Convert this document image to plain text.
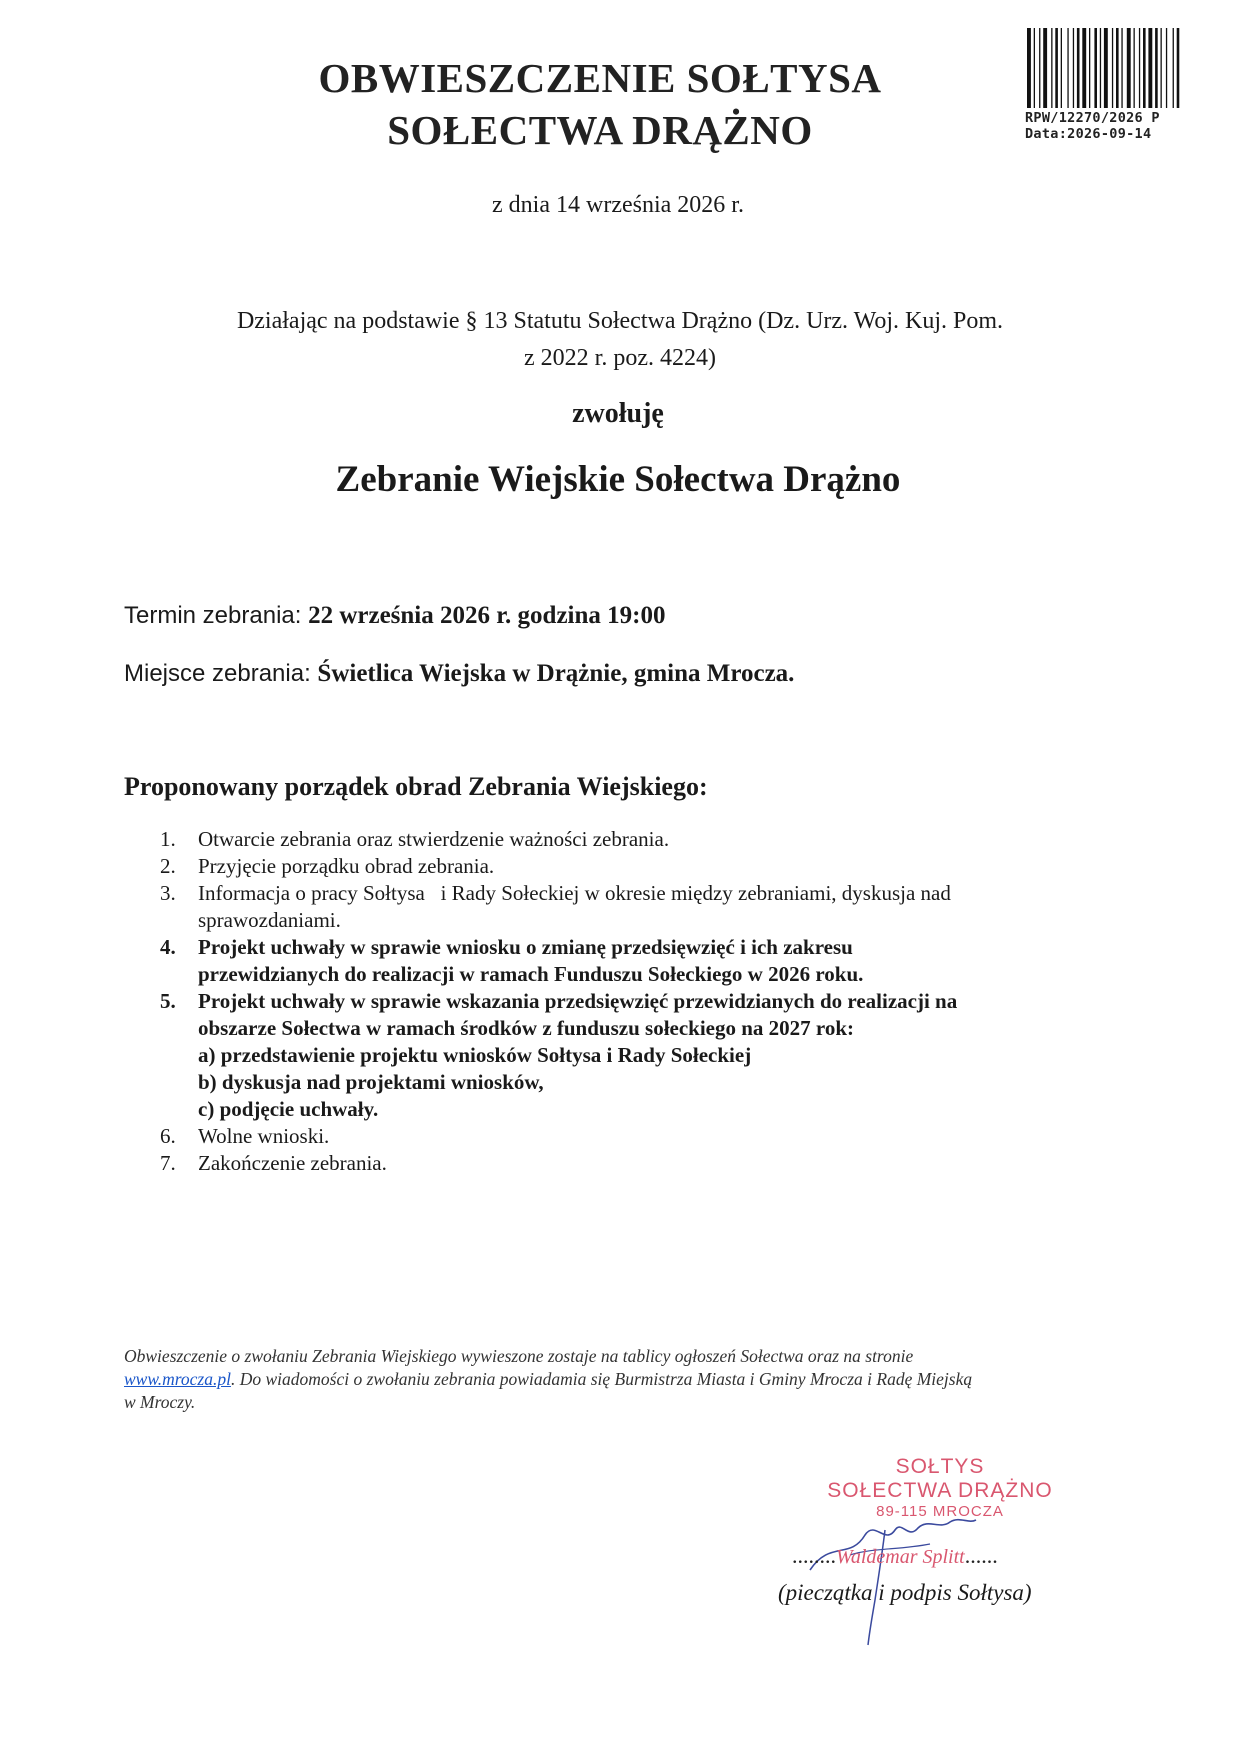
OBWIESZCZENIE SOŁTYSA
SOŁECTWA DRĄŻNO	RPW/12270/2026 P
Data:2026-09-14
z dnia 14 września 2026 r.
Działając na podstawie § 13 Statutu Sołectwa Drążno (Dz. Urz. Woj. Kuj. Pom.
z 2022 r. poz. 4224)
zwołuję
Zebranie Wiejskie Sołectwa Drążno
Termin zebrania: 22 września 2026 r. godzina 19:00
Miejsce zebrania: Świetlica Wiejska w Drążnie, gmina Mrocza.
Proponowany porządek obrad Zebrania Wiejskiego:
1. Otwarcie zebrania oraz stwierdzenie ważności zebrania.
2. Przyjęcie porządku obrad zebrania.
3. Informacja o pracy Sołtysa   i Rady Sołeckiej w okresie między zebraniami, dyskusja nad
sprawozdaniami.
4. Projekt uchwały w sprawie wniosku o zmianę przedsięwzięć i ich zakresu
przewidzianych do realizacji w ramach Funduszu Sołeckiego w 2026 roku.
5. Projekt uchwały w sprawie wskazania przedsięwzięć przewidzianych do realizacji na
obszarze Sołectwa w ramach środków z funduszu sołeckiego na 2027 rok:
a) przedstawienie projektu wniosków Sołtysa i Rady Sołeckiej
b) dyskusja nad projektami wniosków,
c) podjęcie uchwały.
6. Wolne wnioski.
7. Zakończenie zebrania.
Obwieszczenie o zwołaniu Zebrania Wiejskiego wywieszone zostaje na tablicy ogłoszeń Sołectwa oraz na stronie
www.mrocza.pl. Do wiadomości o zwołaniu zebrania powiadamia się Burmistrza Miasta i Gminy Mrocza i Radę Miejską
w Mroczy.
SOŁTYS
SOŁECTWA DRĄŻNO
89-115 MROCZA
........Waldemar Splitt......
(pieczątka i podpis Sołtysa)
